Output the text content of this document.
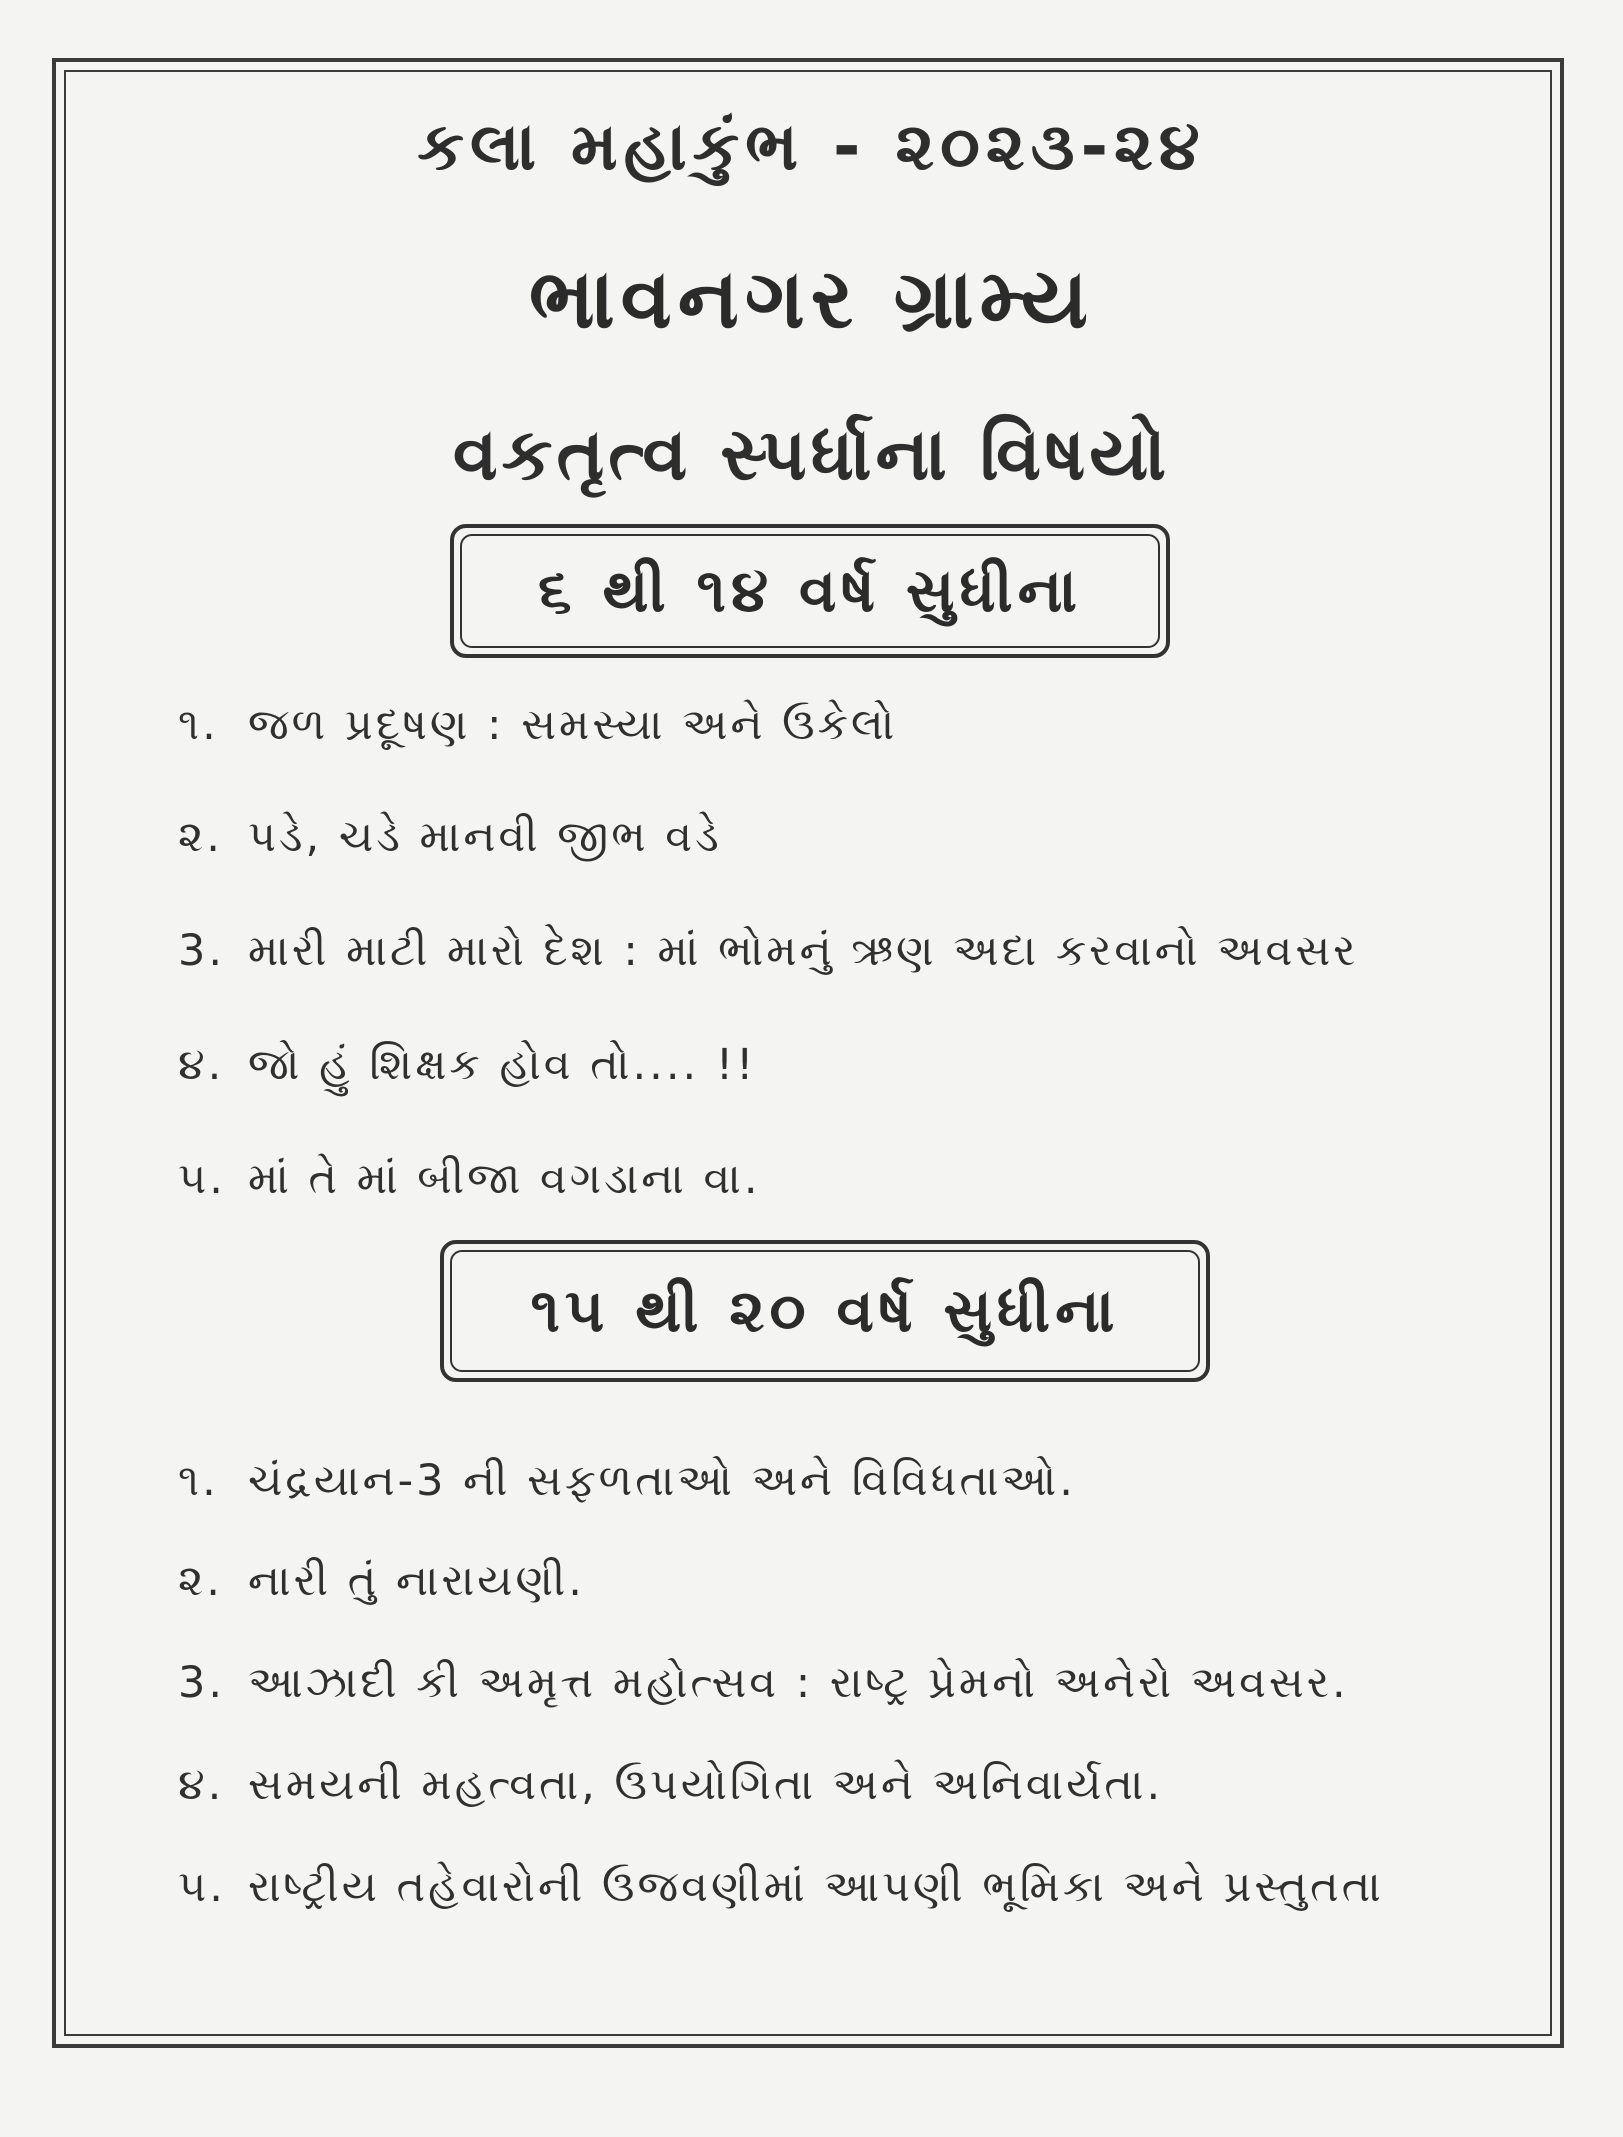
કલા મહાકુંભ - ૨૦૨૩-૨૪
ભાવનગર ગ્રામ્ય
વકતૃત્વ સ્પર્ધાના વિષયો
૬ થી ૧૪ વર્ષ સુધીના
૧. જળ પ્રદૂષણ : સમસ્યા અને ઉકેલો
૨. પડે, ચડે માનવી જીભ વડે
3. મારી માટી મારો દેશ : માં ભોમનું ઋણ અદા કરવાનો અવસર
૪. જો હું શિક્ષક હોવ તો.... !!
૫. માં તે માં બીજા વગડાના વા.
૧૫ થી ૨૦ વર્ષ સુધીના
૧. ચંદ્રયાન-3 ની સફળતાઓ અને વિવિધતાઓ.
૨. નારી તું નારાયણી.
3. આઝાદી કી અમૃત્ત મહોત્સવ : રાષ્ટ્ર પ્રેમનો અનેરો અવસર.
૪. સમયની મહત્વતા, ઉપયોગિતા અને અનિવાર્યતા.
૫. રાષ્ટ્રીય તહેવારોની ઉજવણીમાં આપણી ભૂમિકા અને પ્રસ્તુતતા
